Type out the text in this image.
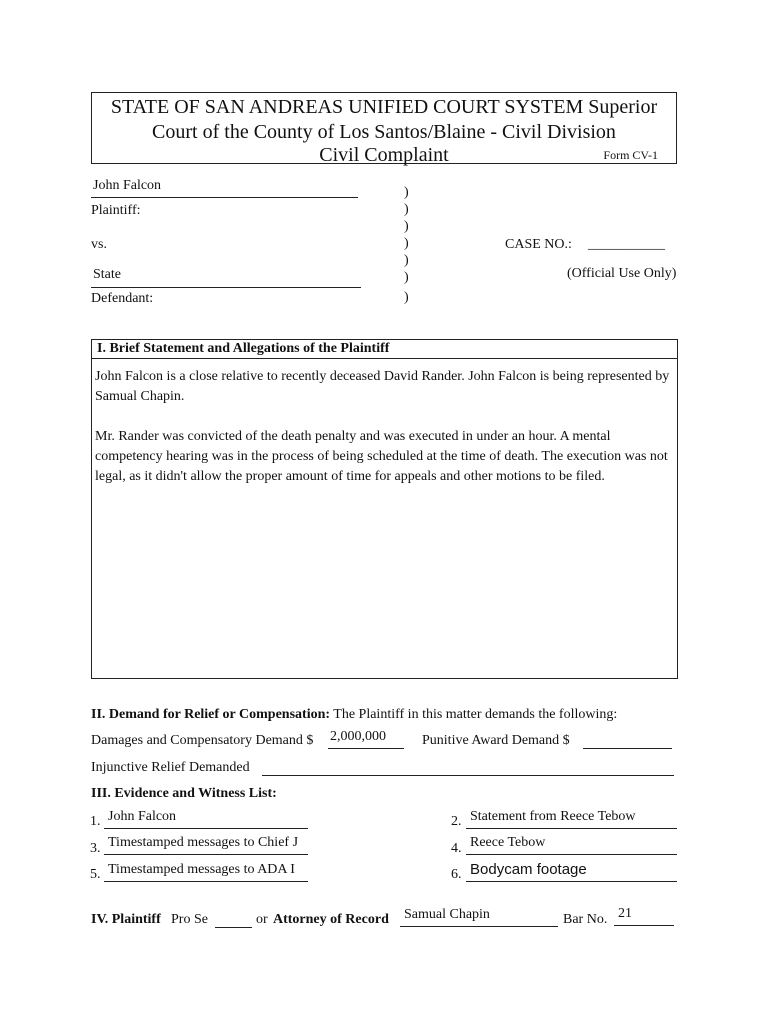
STATE OF SAN ANDREAS UNIFIED COURT SYSTEM Superior
Court of the County of Los Santos/Blaine - Civil Division
Civil Complaint	Form CV-1
John Falcon
Plaintiff:
vs.
State
Defendant:
)
)
)
)
)
)
)
CASE NO.: ___________
(Official Use Only)
I. Brief Statement and Allegations of the Plaintiff

John Falcon is a close relative to recently deceased David Rander. John Falcon is being represented by Samual Chapin.

Mr. Rander was convicted of the death penalty and was executed in under an hour. A mental competency hearing was in the process of being scheduled at the time of death. The execution was not legal, as it didn't allow the proper amount of time for appeals and other motions to be filed.

II. Demand for Relief or Compensation: The Plaintiff in this matter demands the following:
Damages and Compensatory Demand $ 2,000,000	Punitive Award Demand $
Injunctive Relief Demanded
III. Evidence and Witness List:
1. John Falcon	2. Statement from Reece Tebow
3. Timestamped messages to Chief J	4. Reece Tebow
5. Timestamped messages to ADA I	6. Bodycam footage
IV. Plaintiff Pro Se	or Attorney of Record Samual Chapin	Bar No. 21
